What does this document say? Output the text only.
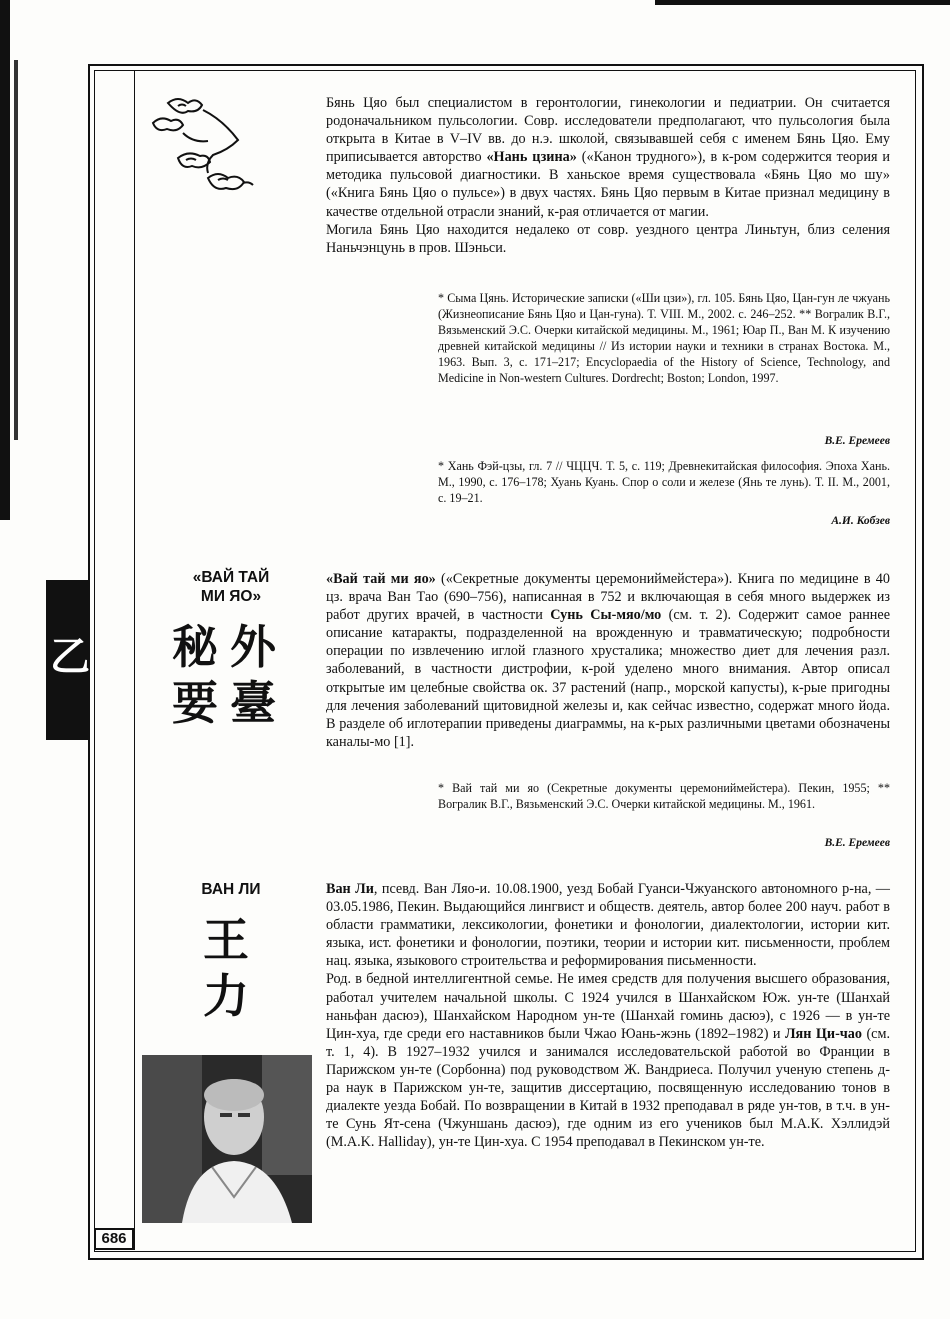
乙

Бянь Цяо был специалистом в геронтологии, гинекологии и педиатрии. Он считается родоначальником пульсологии. Совр. исследователи предполагают, что пульсология была открыта в Китае в V–IV вв. до н.э. школой, связывавшей себя с именем Бянь Цяо. Ему приписывается авторство «Нань цзина» («Канон трудного»), в к-ром содержится теория и методика пульсовой диагностики. В ханьское время существовала «Бянь Цяо мо шу» («Книга Бянь Цяо о пульсе») в двух частях. Бянь Цяо первым в Китае признал медицину в качестве отдельной отрасли знаний, к-рая отличается от магии.

Могила Бянь Цяо находится недалеко от совр. уездного центра Линьтун, близ селения Наньчэнцунь в пров. Шэньси.

* Сыма Цянь. Исторические записки («Ши цзи»), гл. 105. Бянь Цяо, Цан-гун ле чжуань (Жизнеописание Бянь Цяо и Цан-гуна). Т. VIII. М., 2002. с. 246–252. ** Вогралик В.Г., Вязьменский Э.С. Очерки китайской медицины. М., 1961; Юар П., Ван М. К изучению древней китайской медицины // Из истории науки и техники в странах Востока. М., 1963. Вып. 3, с. 171–217; Encyclopaedia of the History of Science, Technology, and Medicine in Non-western Cultures. Dordrecht; Boston; London, 1997.
В.Е. Еремеев
* Хань Фэй-цзы, гл. 7 // ЧЦЦЧ. Т. 5, с. 119; Древнекитайская философия. Эпоха Хань. М., 1990, с. 176–178; Хуань Куань. Спор о соли и железе (Янь те лунь). Т. II. М., 2001, с. 19–21.
А.И. Кобзев
«ВАЙ ТАЙ
МИ ЯО»
外
臺
秘
要

«Вай тай ми яо» («Секретные документы церемониймейстера»). Книга по медицине в 40 цз. врача Ван Тао (690–756), написанная в 752 и включающая в себя много выдержек из работ других врачей, в частности Сунь Сы-мяо/мо (см. т. 2). Содержит самое раннее описание катаракты, подразделенной на врожденную и травматическую; подробности операции по извлечению иглой глазного хрусталика; множество диет для лечения разл. заболеваний, в частности дистрофии, к-рой уделено много внимания. Автор описал открытые им целебные свойства ок. 37 растений (напр., морской капусты), к-рые пригодны для лечения заболеваний щитовидной железы и, как сейчас известно, содержат много йода. В разделе об иглотерапии приведены диаграммы, на к-рых различными цветами обозначены каналы-мо [1].

* Вай тай ми яо (Секретные документы церемониймейстера). Пекин, 1955; ** Вогралик В.Г., Вязьменский Э.С. Очерки китайской медицины. М., 1961.
В.Е. Еремеев
ВАН ЛИ
王
力

Ван Ли, псевд. Ван Ляо-и. 10.08.1900, уезд Бобай Гуанси-Чжуанского автономного р-на, — 03.05.1986, Пекин. Выдающийся лингвист и обществ. деятель, автор более 200 науч. работ в области грамматики, лексикологии, фонетики и фонологии, диалектологии, истории кит. языка, ист. фонетики и фонологии, поэтики, теории и истории кит. письменности, проблем нац. языка, языкового строительства и реформирования письменности.

Род. в бедной интеллигентной семье. Не имея средств для получения высшего образования, работал учителем начальной школы. С 1924 учился в Шанхайском Юж. ун-те (Шанхай наньфан дасюэ), Шанхайском Народном ун-те (Шанхай гоминь дасюэ), с 1926 — в ун-те Цин-хуа, где среди его наставников были Чжао Юань-жэнь (1892–1982) и Лян Ци-чао (см. т. 1, 4). В 1927–1932 учился и занимался исследовательской работой во Франции в Парижском ун-те (Сорбонна) под руководством Ж. Вандриеса. Получил ученую степень д-ра наук в Парижском ун-те, защитив диссертацию, посвященную исследованию тонов в диалекте уезда Бобай. По возвращении в Китай в 1932 преподавал в ряде ун-тов, в т.ч. в ун-те Сунь Ят-сена (Чжуншань дасюэ), где одним из его учеников был М.А.К. Хэллидэй (M.A.K. Halliday), ун-те Цин-хуа. С 1954 преподавал в Пекинском ун-те.

686
